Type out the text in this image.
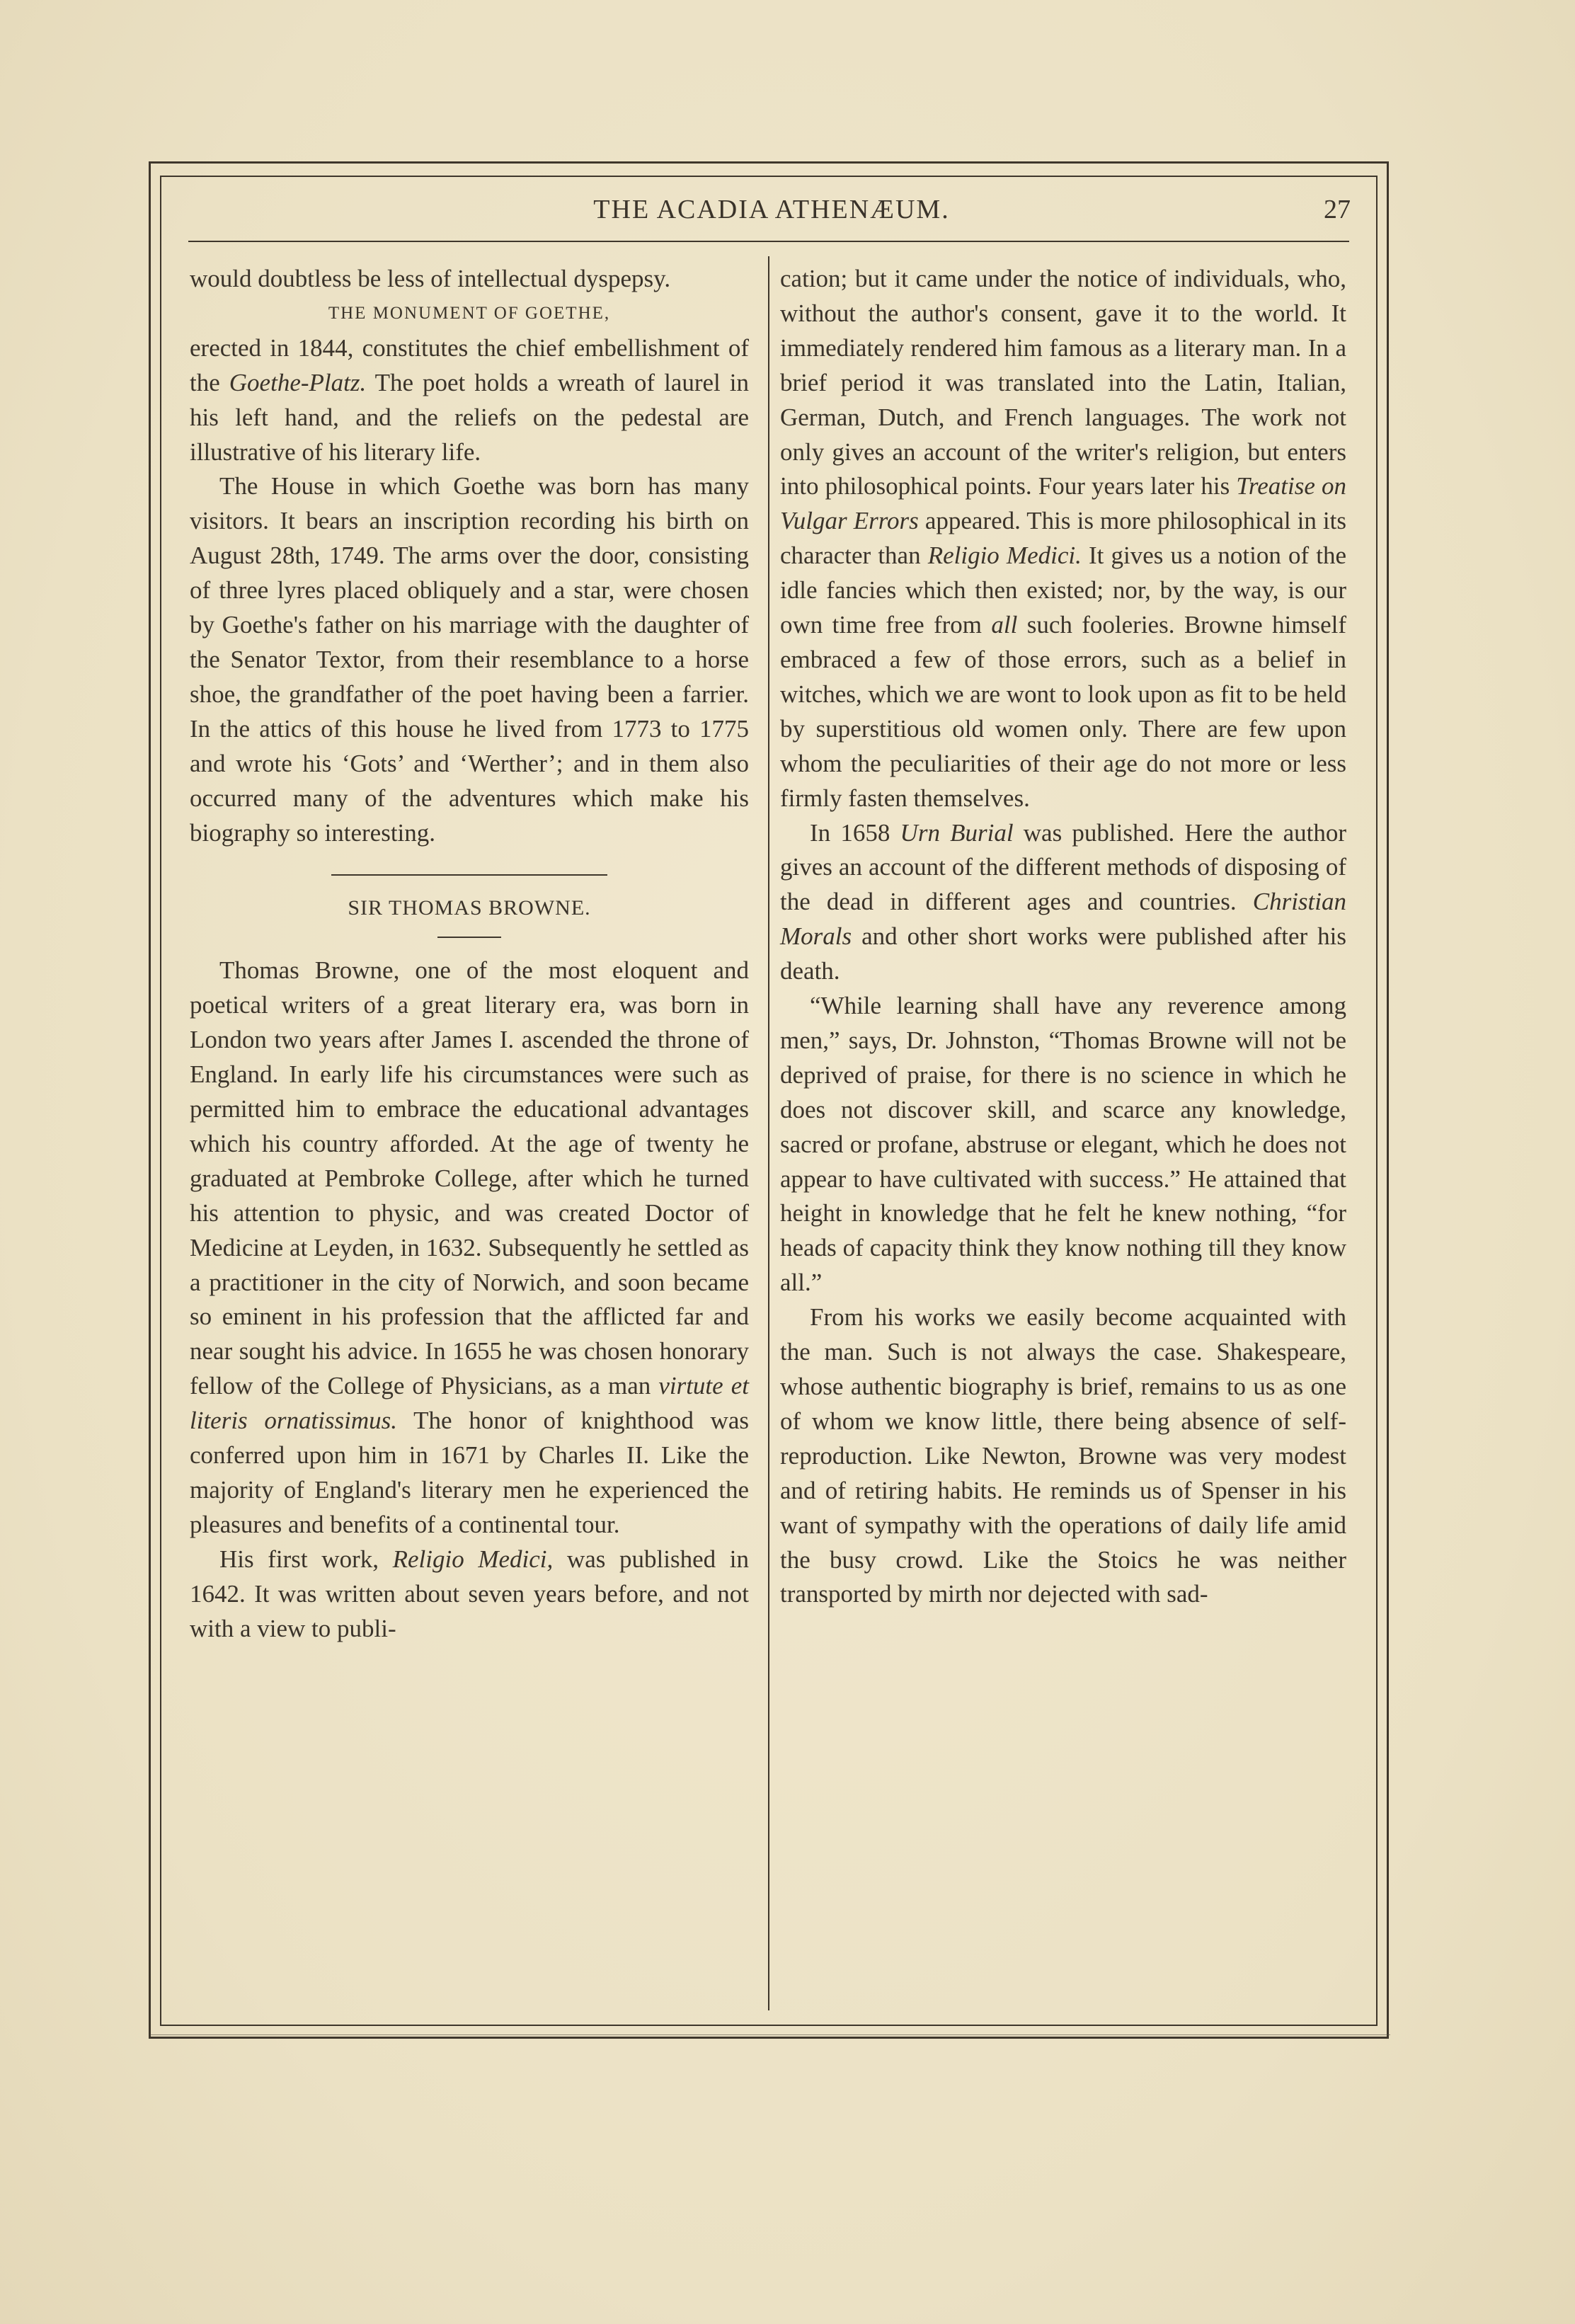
THE ACADIA ATHENÆUM.	27

would doubtless be less of intellectual dyspepsy.

THE MONUMENT OF GOETHE,

erected in 1844, constitutes the chief embellishment of the Goethe-Platz. The poet holds a wreath of laurel in his left hand, and the reliefs on the pedestal are illustrative of his literary life.

The House in which Goethe was born has many visitors. It bears an inscription recording his birth on August 28th, 1749. The arms over the door, consisting of three lyres placed obliquely and a star, were chosen by Goethe's father on his marriage with the daughter of the Senator Textor, from their resemblance to a horse shoe, the grandfather of the poet having been a farrier. In the attics of this house he lived from 1773 to 1775 and wrote his ‘Gots’ and ‘Werther’; and in them also occurred many of the adventures which make his biography so interesting.

SIR THOMAS BROWNE.

Thomas Browne, one of the most eloquent and poetical writers of a great literary era, was born in London two years after James I. ascended the throne of England. In early life his circumstances were such as permitted him to embrace the educational advantages which his country afforded. At the age of twenty he graduated at Pembroke College, after which he turned his attention to physic, and was created Doctor of Medicine at Leyden, in 1632. Subsequently he settled as a practitioner in the city of Norwich, and soon became so eminent in his profession that the afflicted far and near sought his advice. In 1655 he was chosen honorary fellow of the College of Physicians, as a man virtute et literis ornatissimus. The honor of knighthood was conferred upon him in 1671 by Charles II. Like the majority of England's literary men he experienced the pleasures and benefits of a continental tour.

His first work, Religio Medici, was published in 1642. It was written about seven years before, and not with a view to publi-

cation; but it came under the notice of individuals, who, without the author's consent, gave it to the world. It immediately rendered him famous as a literary man. In a brief period it was translated into the Latin, Italian, German, Dutch, and French languages. The work not only gives an account of the writer's religion, but enters into philosophical points. Four years later his Treatise on Vulgar Errors appeared. This is more philosophical in its character than Religio Medici. It gives us a notion of the idle fancies which then existed; nor, by the way, is our own time free from all such fooleries. Browne himself embraced a few of those errors, such as a belief in witches, which we are wont to look upon as fit to be held by superstitious old women only. There are few upon whom the peculiarities of their age do not more or less firmly fasten themselves.

In 1658 Urn Burial was published. Here the author gives an account of the different methods of disposing of the dead in different ages and countries. Christian Morals and other short works were published after his death.

“While learning shall have any reverence among men,” says, Dr. Johnston, “Thomas Browne will not be deprived of praise, for there is no science in which he does not discover skill, and scarce any knowledge, sacred or profane, abstruse or elegant, which he does not appear to have cultivated with success.” He attained that height in knowledge that he felt he knew nothing, “for heads of capacity think they know nothing till they know all.”

From his works we easily become acquainted with the man. Such is not always the case. Shakespeare, whose authentic biography is brief, remains to us as one of whom we know little, there being absence of self-reproduction. Like Newton, Browne was very modest and of retiring habits. He reminds us of Spenser in his want of sympathy with the operations of daily life amid the busy crowd. Like the Stoics he was neither transported by mirth nor dejected with sad-
